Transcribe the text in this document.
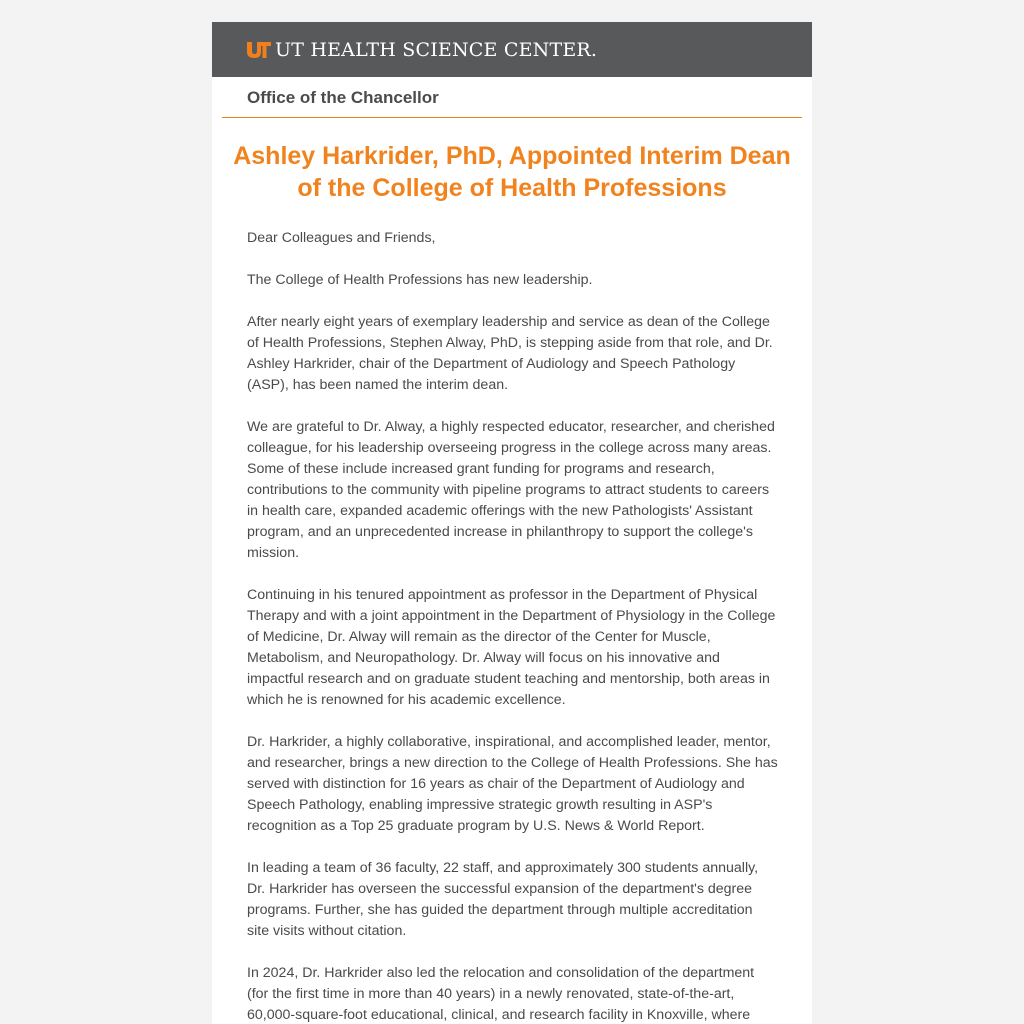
UT HEALTH SCIENCE CENTER.
Office of the Chancellor
Ashley Harkrider, PhD, Appointed Interim Dean of the College of Health Professions

Dear Colleagues and Friends,

The College of Health Professions has new leadership.

After nearly eight years of exemplary leadership and service as dean of the College of Health Professions, Stephen Alway, PhD, is stepping aside from that role, and Dr. Ashley Harkrider, chair of the Department of Audiology and Speech Pathology (ASP), has been named the interim dean.

We are grateful to Dr. Alway, a highly respected educator, researcher, and cherished colleague, for his leadership overseeing progress in the college across many areas. Some of these include increased grant funding for programs and research, contributions to the community with pipeline programs to attract students to careers in health care, expanded academic offerings with the new Pathologists' Assistant program, and an unprecedented increase in philanthropy to support the college's mission.

Continuing in his tenured appointment as professor in the Department of Physical Therapy and with a joint appointment in the Department of Physiology in the College of Medicine, Dr. Alway will remain as the director of the Center for Muscle, Metabolism, and Neuropathology. Dr. Alway will focus on his innovative and impactful research and on graduate student teaching and mentorship, both areas in which he is renowned for his academic excellence.

Dr. Harkrider, a highly collaborative, inspirational, and accomplished leader, mentor, and researcher, brings a new direction to the College of Health Professions. She has served with distinction for 16 years as chair of the Department of Audiology and Speech Pathology, enabling impressive strategic growth resulting in ASP's recognition as a Top 25 graduate program by U.S. News & World Report.

In leading a team of 36 faculty, 22 staff, and approximately 300 students annually, Dr. Harkrider has overseen the successful expansion of the department's degree programs. Further, she has guided the department through multiple accreditation site visits without citation.

In 2024, Dr. Harkrider also led the relocation and consolidation of the department (for the first time in more than 40 years) in a newly renovated, state-of-the-art, 60,000-square-foot educational, clinical, and research facility in Knoxville, where
